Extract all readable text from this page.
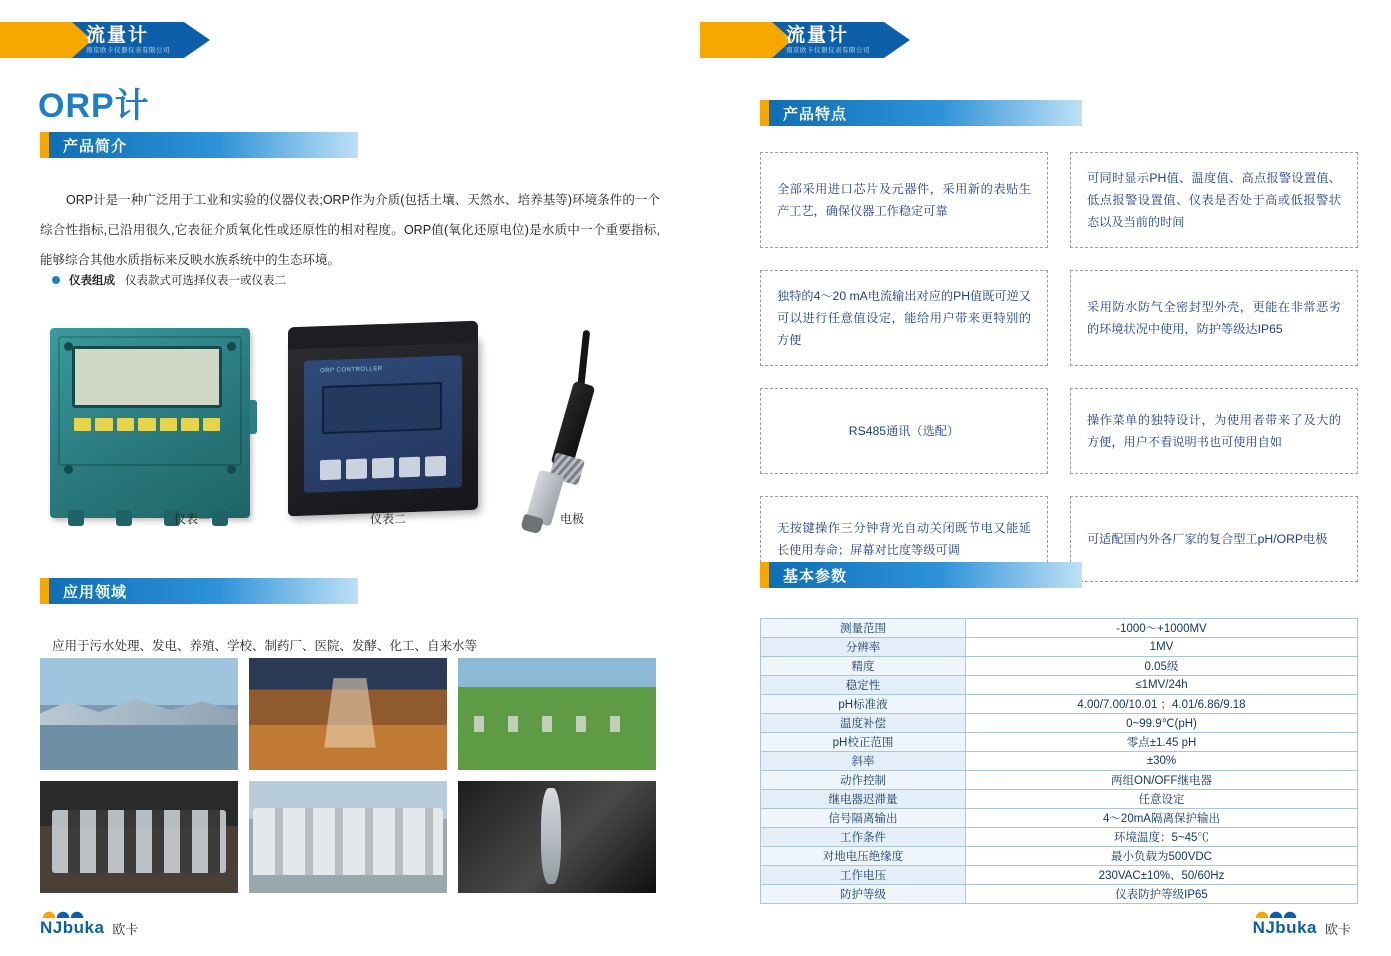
流量计
南京欧卡仪器仪表有限公司
流量计
南京欧卡仪器仪表有限公司
ORP计
产品简介

ORP计是一种广泛用于工业和实验的仪器仪表;ORP作为介质(包括土壤、天然水、培养基等)环境条件的一个综合性指标,已沿用很久,它表征介质氧化性或还原性的相对程度。ORP值(氧化还原电位)是水质中一个重要指标,能够综合其他水质指标来反映水族系统中的生态环境。

仪表组成 仪表款式可选择仪表一或仪表二
ORP CONTROLLER
仪表一	仪表二	电极
应用领域
应用于污水处理、发电、养殖、学校、制药厂、医院、发酵、化工、自来水等
产品特点
全部采用进口芯片及元器件，采用新的表贴生产工艺，确保仪器工作稳定可靠
可同时显示PH值、温度值、高点报警设置值、低点报警设置值、仪表是否处于高或低报警状态以及当前的时间
独特的4～20 mA电流输出对应的PH值既可逆又可以进行任意值设定，能给用户带来更特别的方便
采用防水防气全密封型外壳，更能在非常恶劣的环境状况中使用，防护等级达IP65
RS485通讯（选配）
操作菜单的独特设计，为使用者带来了及大的方便，用户不看说明书也可使用自如
无按键操作三分钟背光自动关闭既节电又能延长使用寿命；屏幕对比度等级可调
可适配国内外各厂家的复合型工pH/ORP电极
基本参数
测量范围	-1000～+1000MV
分辨率	1MV
精度	0.05级
稳定性	≤1MV/24h
pH标准液	4.00/7.00/10.01 ；4.01/6.86/9.18
温度补偿	0~99.9℃(pH)
pH校正范围	零点±1.45 pH
斜率	±30%
动作控制	两组ON/OFF继电器
继电器迟滞量	任意设定
信号隔离输出	4～20mA隔离保护输出
工作条件	环境温度：5~45℃
对地电压绝缘度	最小负载为500VDC
工作电压	230VAC±10%、50/60Hz
防护等级	仪表防护等级IP65
NJbuka 欧卡	NJbuka 欧卡
